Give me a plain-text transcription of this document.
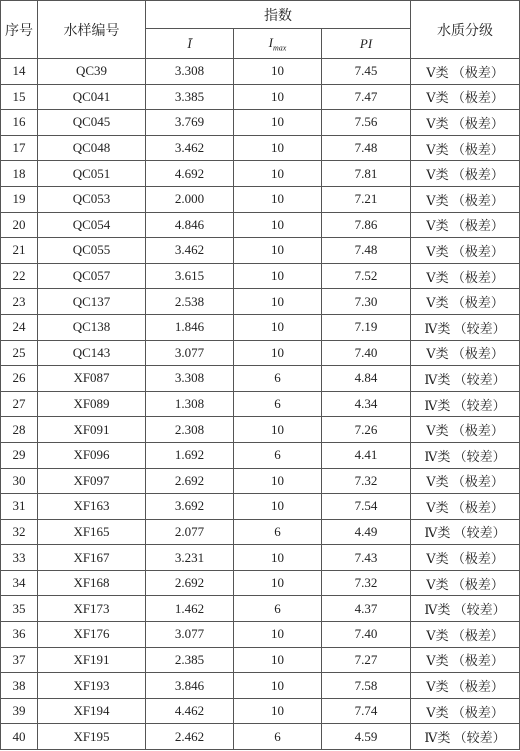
序号	水样编号	指数			水质分级
		Ī	$I_{max}$	PI	
14	QC39	3.308	10	7.45	Ⅴ类 （极差）
15	QC041	3.385	10	7.47	Ⅴ类 （极差）
16	QC045	3.769	10	7.56	Ⅴ类 （极差）
17	QC048	3.462	10	7.48	Ⅴ类 （极差）
18	QC051	4.692	10	7.81	Ⅴ类 （极差）
19	QC053	2.000	10	7.21	Ⅴ类 （极差）
20	QC054	4.846	10	7.86	Ⅴ类 （极差）
21	QC055	3.462	10	7.48	Ⅴ类 （极差）
22	QC057	3.615	10	7.52	Ⅴ类 （极差）
23	QC137	2.538	10	7.30	Ⅴ类 （极差）
24	QC138	1.846	10	7.19	Ⅳ类 （较差）
25	QC143	3.077	10	7.40	Ⅴ类 （极差）
26	XF087	3.308	6	4.84	Ⅳ类 （较差）
27	XF089	1.308	6	4.34	Ⅳ类 （较差）
28	XF091	2.308	10	7.26	Ⅴ类 （极差）
29	XF096	1.692	6	4.41	Ⅳ类 （较差）
30	XF097	2.692	10	7.32	Ⅴ类 （极差）
31	XF163	3.692	10	7.54	Ⅴ类 （极差）
32	XF165	2.077	6	4.49	Ⅳ类 （较差）
33	XF167	3.231	10	7.43	Ⅴ类 （极差）
34	XF168	2.692	10	7.32	Ⅴ类 （极差）
35	XF173	1.462	6	4.37	Ⅳ类 （较差）
36	XF176	3.077	10	7.40	Ⅴ类 （极差）
37	XF191	2.385	10	7.27	Ⅴ类 （极差）
38	XF193	3.846	10	7.58	Ⅴ类 （极差）
39	XF194	4.462	10	7.74	Ⅴ类 （极差）
40	XF195	2.462	6	4.59	Ⅳ类 （较差）
